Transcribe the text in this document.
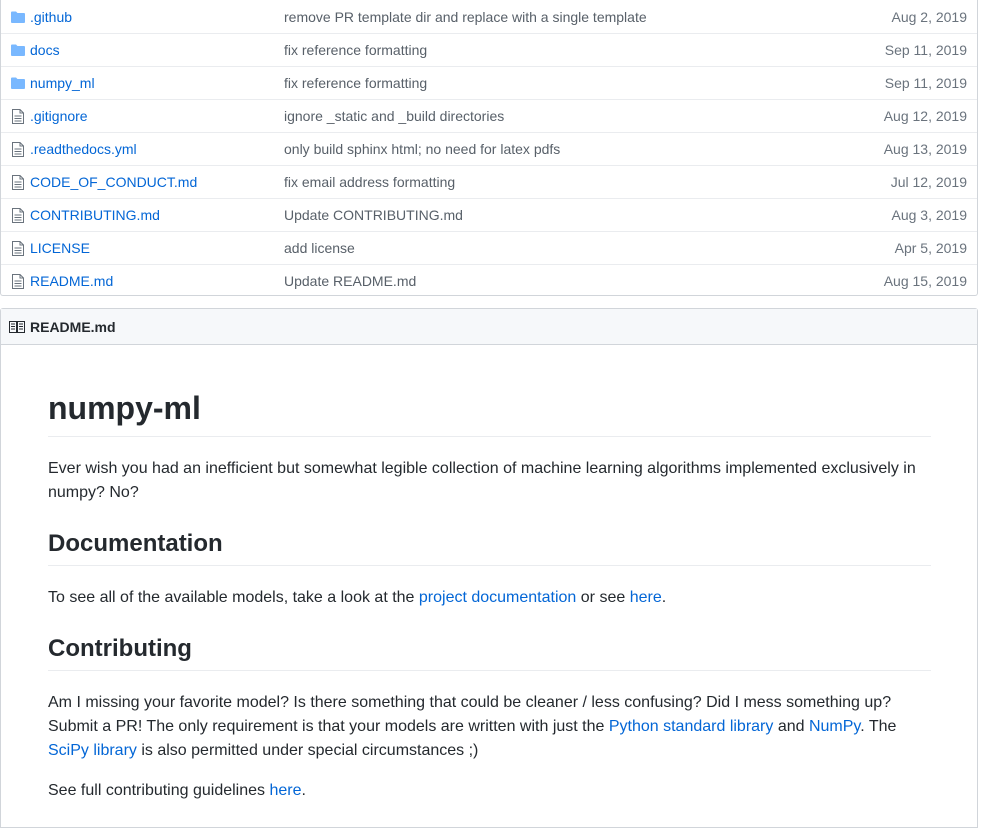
.github	remove PR template dir and replace with a single template	Aug 2, 2019
docs	fix reference formatting	Sep 11, 2019
numpy_ml	fix reference formatting	Sep 11, 2019
.gitignore	ignore _static and _build directories	Aug 12, 2019
.readthedocs.yml	only build sphinx html; no need for latex pdfs	Aug 13, 2019
CODE_OF_CONDUCT.md	fix email address formatting	Jul 12, 2019
CONTRIBUTING.md	Update CONTRIBUTING.md	Aug 3, 2019
LICENSE	add license	Apr 5, 2019
README.md	Update README.md	Aug 15, 2019
README.md
numpy-ml

Ever wish you had an inefficient but somewhat legible collection of machine learning algorithms implemented exclusively in numpy? No?

Documentation

To see all of the available models, take a look at the project documentation or see here.

Contributing

Am I missing your favorite model? Is there something that could be cleaner / less confusing? Did I mess something up? Submit a PR! The only requirement is that your models are written with just the Python standard library and NumPy. The SciPy library is also permitted under special circumstances ;)

See full contributing guidelines here.
